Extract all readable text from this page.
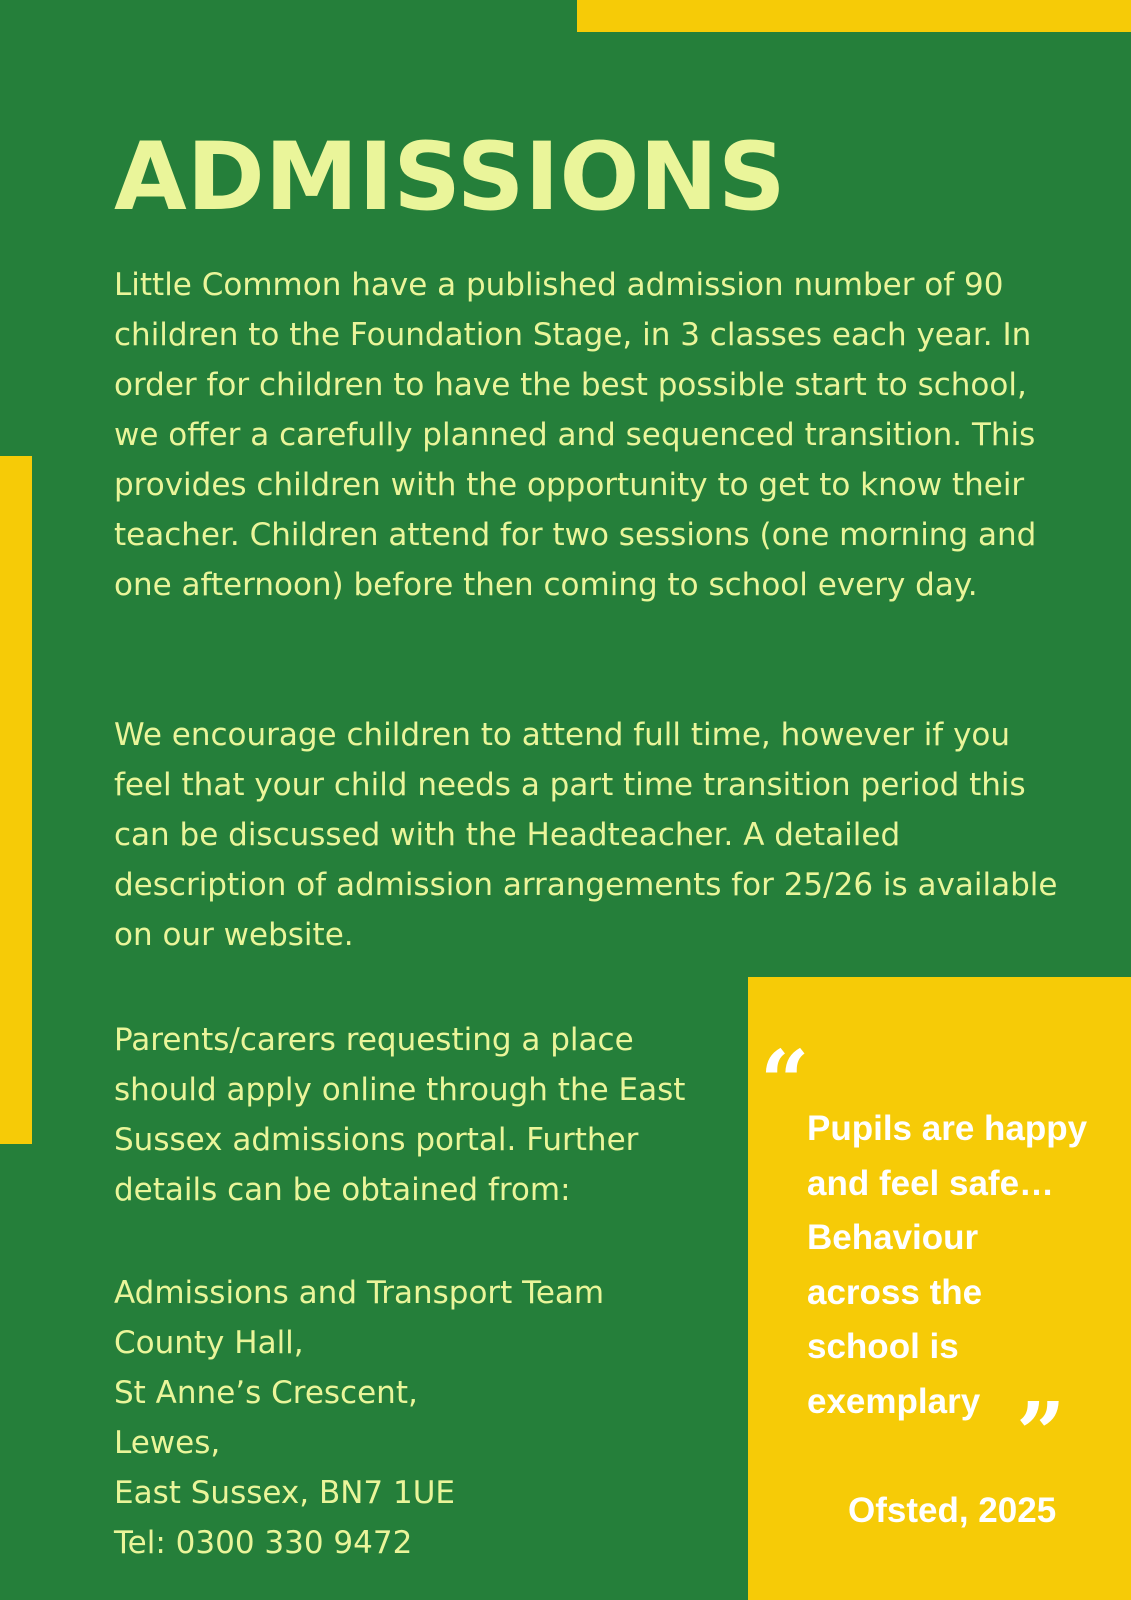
ADMISSIONS

Little Common have a published admission number of 90 children to the Foundation Stage, in 3 classes each year. In order for children to have the best possible start to school, we offer a carefully planned and sequenced transition. This provides children with the opportunity to get to know their teacher. Children attend for two sessions (one morning and one afternoon) before then coming to school every day.

We encourage children to attend full time, however if you feel that your child needs a part time transition period this can be discussed with the Headteacher. A detailed description of admission arrangements for 25/26 is available on our website.

Parents/carers requesting a place should apply online through the East Sussex admissions portal. Further details can be obtained from:

Admissions and Transport Team
County Hall,
St Anne’s Crescent,
Lewes,
East Sussex, BN7 1UE
Tel: 0300 330 9472
“

Pupils are happy and feel safe… Behaviour across the school is exemplary ”
Ofsted, 2025
